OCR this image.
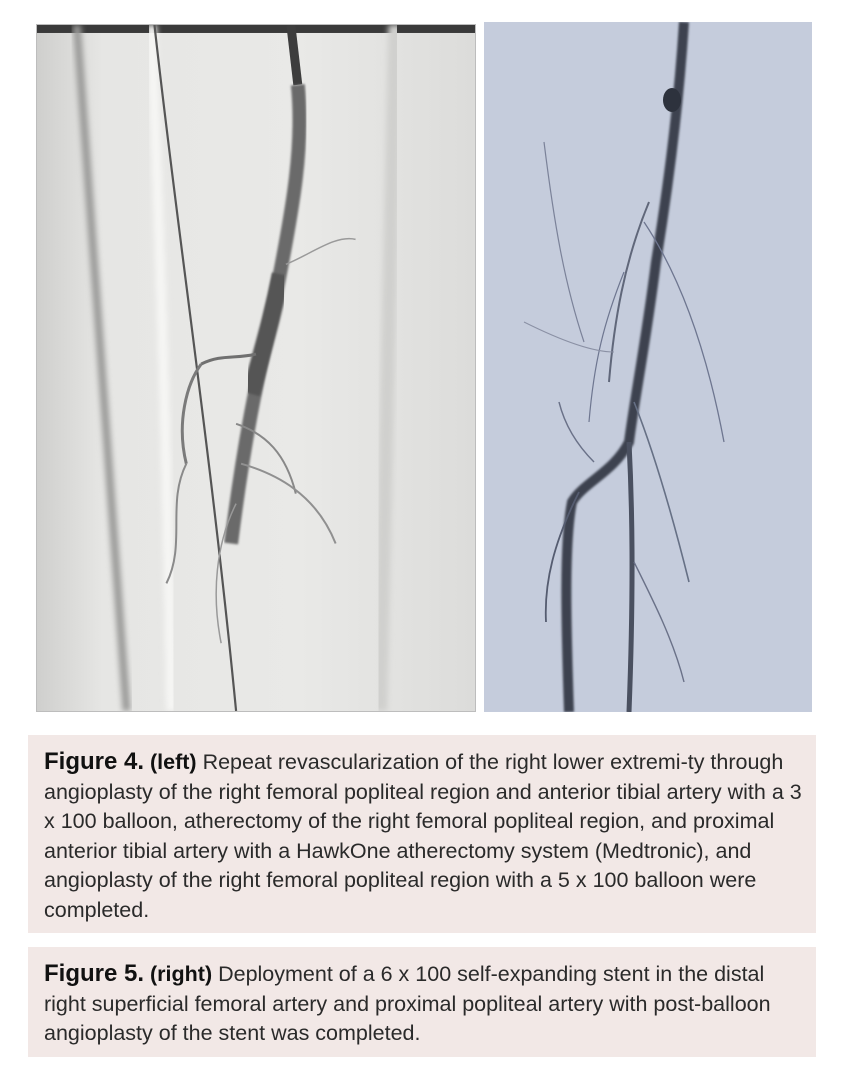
Figure 4. (left) Repeat revascularization of the right lower extremi-ty through angioplasty of the right femoral popliteal region and anterior tibial artery with a 3 x 100 balloon, atherectomy of the right femoral popliteal region, and proximal anterior tibial artery with a HawkOne atherectomy system (Medtronic), and angioplasty of the right femoral popliteal region with a 5 x 100 balloon were completed.
Figure 5. (right) Deployment of a 6 x 100 self-expanding stent in the distal right superficial femoral artery and proximal popliteal artery with post-balloon angioplasty of the stent was completed.
